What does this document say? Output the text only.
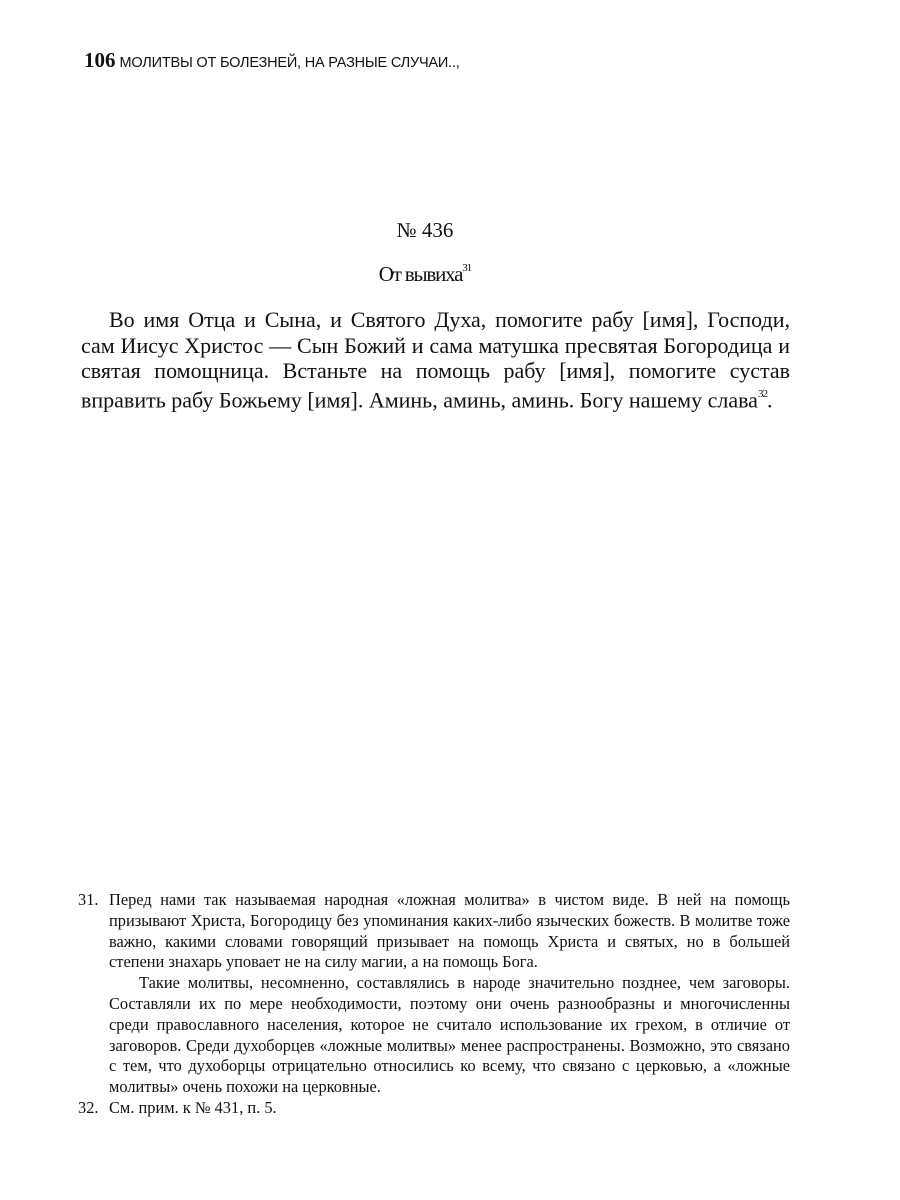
106 МОЛИТВЫ ОТ БОЛЕЗНЕЙ, НА РАЗНЫЕ СЛУЧАИ..,
№ 436
От вывиха$^{31}$

Во имя Отца и Сына, и Святого Духа, помогите рабу [имя], Господи, сам Иисус Христос — Сын Божий и сама матушка пресвятая Богородица и святая помощница. Встаньте на помощь рабу [имя], помогите сустав вправить рабу Божьему [имя]. Аминь, аминь, аминь. Богу нашему слава$^{32}$.

31. Перед нами так называемая народная «ложная молитва» в чистом виде. В ней на помощь призывают Христа, Богородицу без упоминания каких-либо языческих божеств. В молитве тоже важно, какими словами говорящий призывает на помощь Христа и святых, но в большей степени знахарь уповает не на силу магии, а на помощь Бога.

Такие молитвы, несомненно, составлялись в народе значительно позднее, чем заговоры. Составляли их по мере необходимости, поэтому они очень разнообразны и многочисленны среди православного населения, которое не считало использование их грехом, в отличие от заговоров. Среди духоборцев «ложные молитвы» менее распространены. Возможно, это связано с тем, что духоборцы отрицательно относились ко всему, что связано с церковью, а «ложные молитвы» очень похожи на церковные.

32. См. прим. к № 431, п. 5.
